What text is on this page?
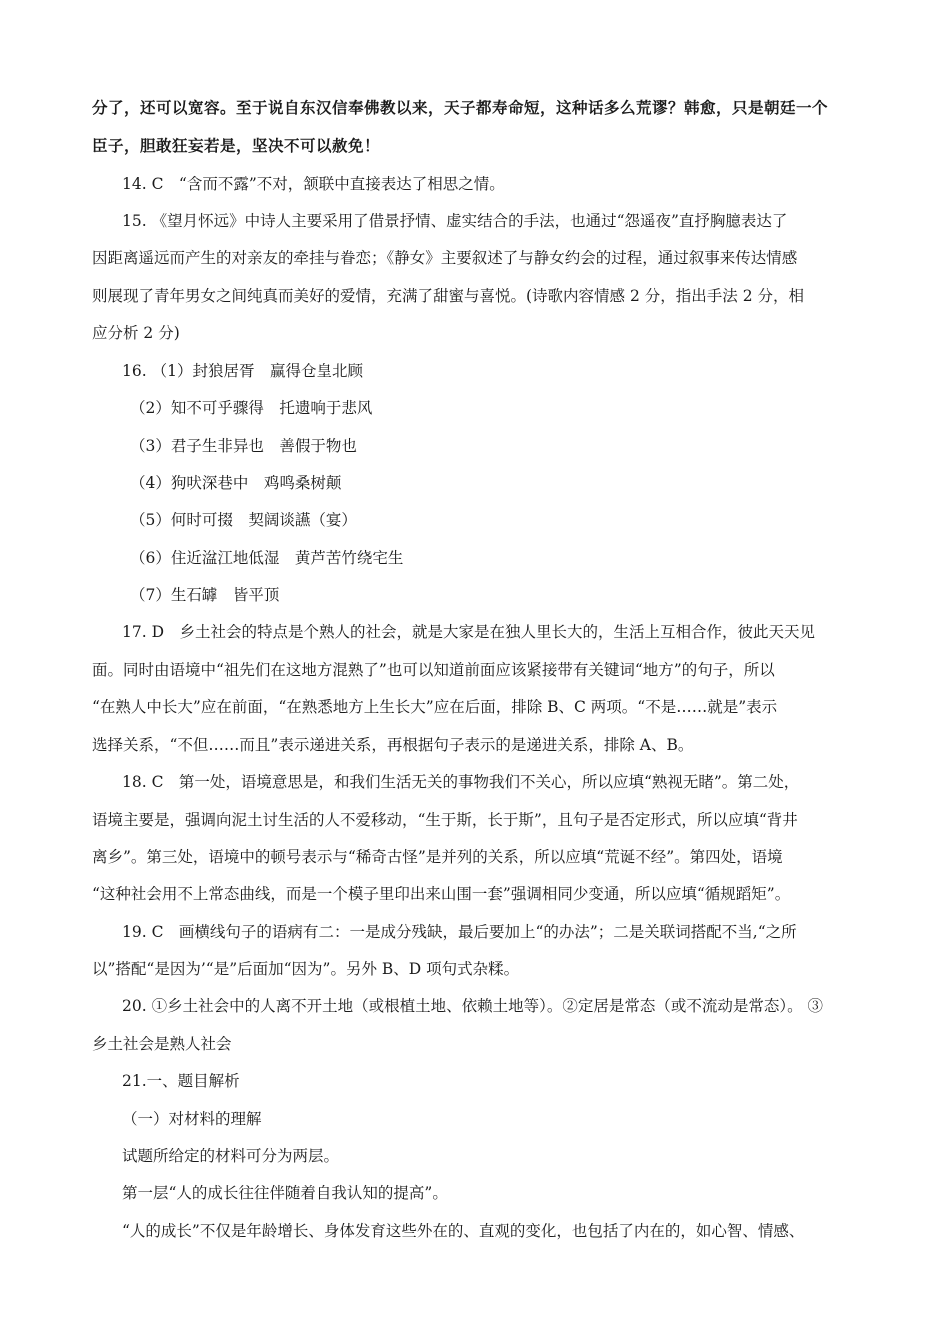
分了，还可以宽容。至于说自东汉信奉佛教以来，天子都寿命短，这种话多么荒谬？韩愈，只是朝廷一个
臣子，胆敢狂妄若是，坚决不可以赦免！
14. C　“含而不露”不对，颔联中直接表达了相思之情。
15. 《望月怀远》中诗人主要采用了借景抒情、虚实结合的手法，也通过“怨遥夜”直抒胸臆表达了
因距离遥远而产生的对亲友的牵挂与眷恋；《静女》主要叙述了与静女约会的过程，通过叙事来传达情感
则展现了青年男女之间纯真而美好的爱情，充满了甜蜜与喜悦。(诗歌内容情感 2 分，指出手法 2 分，相
应分析 2 分)
16. （1）封狼居胥　赢得仓皇北顾
（2）知不可乎骤得　托遗响于悲风
（3）君子生非异也　善假于物也
（4）狗吠深巷中　鸡鸣桑树颠
（5）何时可掇　契阔谈讌（宴）
（6）住近湓江地低湿　黄芦苦竹绕宅生
（7）生石罅　皆平顶
17. D　乡土社会的特点是个熟人的社会，就是大家是在独人里长大的，生活上互相合作，彼此天天见
面。同时由语境中“祖先们在这地方混熟了”也可以知道前面应该紧接带有关键词“地方”的句子，所以
“在熟人中长大”应在前面，“在熟悉地方上生长大”应在后面，排除 B、C 两项。“不是……就是”表示
选择关系，“不但……而且”表示递进关系，再根据句子表示的是递进关系，排除 A、B。
18. C　第一处，语境意思是，和我们生活无关的事物我们不关心，所以应填“熟视无睹”。第二处，
语境主要是，强调向泥土讨生活的人不爱移动，“生于斯，长于斯”，且句子是否定形式，所以应填“背井
离乡”。第三处，语境中的顿号表示与“稀奇古怪”是并列的关系，所以应填“荒诞不经”。第四处，语境
“这种社会用不上常态曲线，而是一个模子里印出来山围一套”强调相同少变通，所以应填“循规蹈矩”。
19. C　画横线句子的语病有二：一是成分残缺，最后要加上“的办法”；二是关联词搭配不当,“之所
以”搭配“是因为’“是”后面加“因为”。另外 B、D 项句式杂糅。
20. ①乡土社会中的人离不开土地（或根植土地、依赖土地等）。②定居是常态（或不流动是常态）。 ③
乡土社会是熟人社会
21.一、题目解析
（一）对材料的理解
试题所给定的材料可分为两层。
第一层“人的成长往往伴随着自我认知的提高”。
“人的成长”不仅是年龄增长、身体发育这些外在的、直观的变化，也包括了内在的，如心智、情感、
